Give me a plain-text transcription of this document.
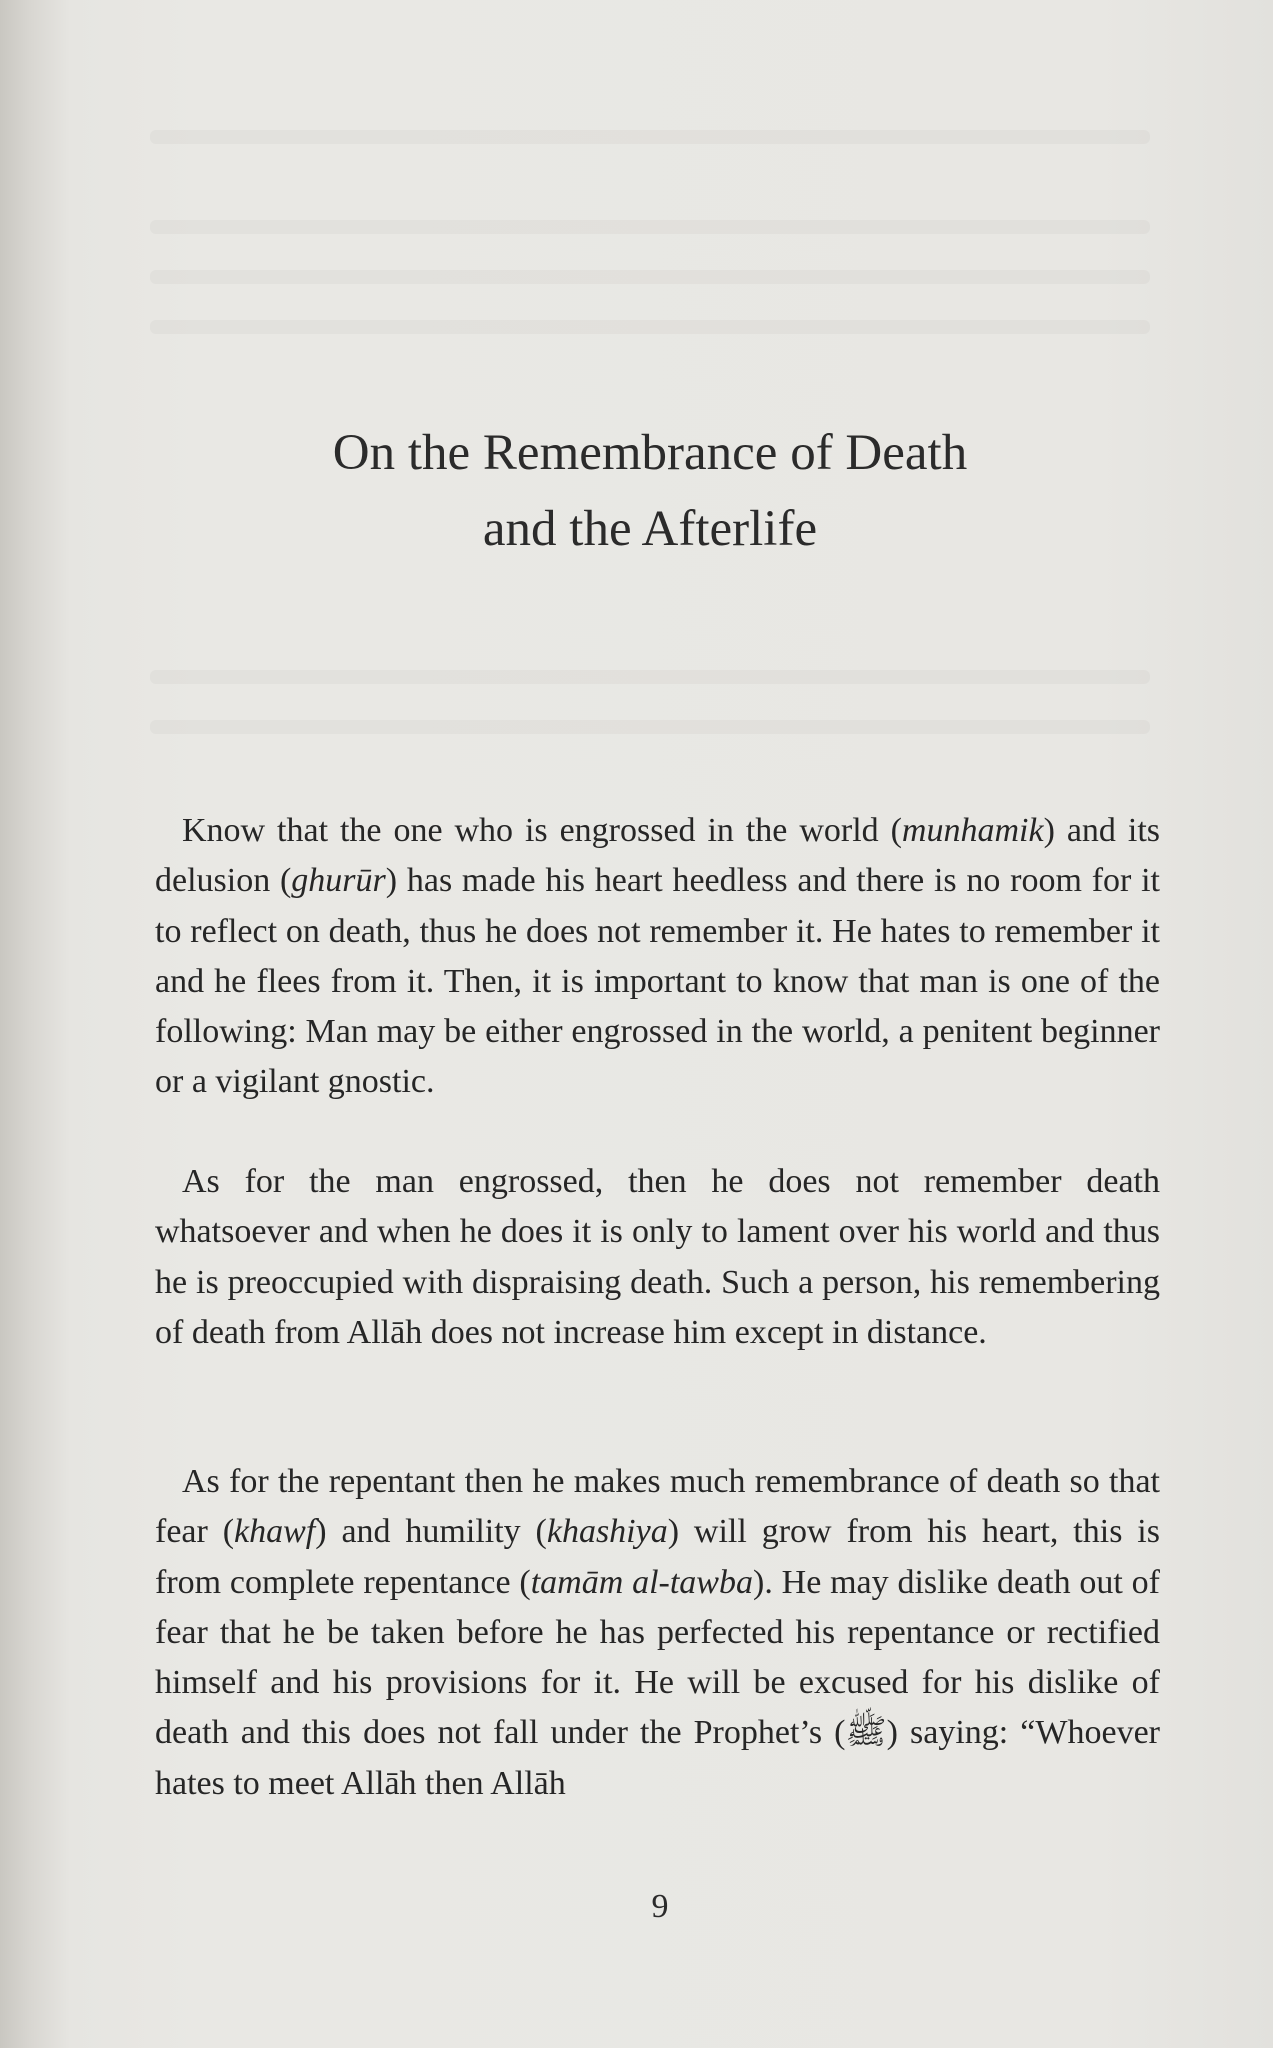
On the Remembrance of Death
and the Afterlife

Know that the one who is engrossed in the world (munhamik) and its delusion (ghurūr) has made his heart heedless and there is no room for it to reflect on death, thus he does not remember it. He hates to remember it and he flees from it. Then, it is important to know that man is one of the following: Man may be either engrossed in the world, a penitent beginner or a vigilant gnostic.

As for the man engrossed, then he does not remember death whatsoever and when he does it is only to lament over his world and thus he is preoccupied with dispraising death. Such a person, his remembering of death from Allāh does not increase him except in distance.

As for the repentant then he makes much remembrance of death so that fear (khawf) and humility (khashiya) will grow from his heart, this is from complete repentance (tamām al-tawba). He may dislike death out of fear that he be taken before he has perfected his repentance or rectified himself and his provisions for it. He will be excused for his dislike of death and this does not fall under the Prophet’s (ﷺ) saying: “Whoever hates to meet Allāh then Allāh

9
